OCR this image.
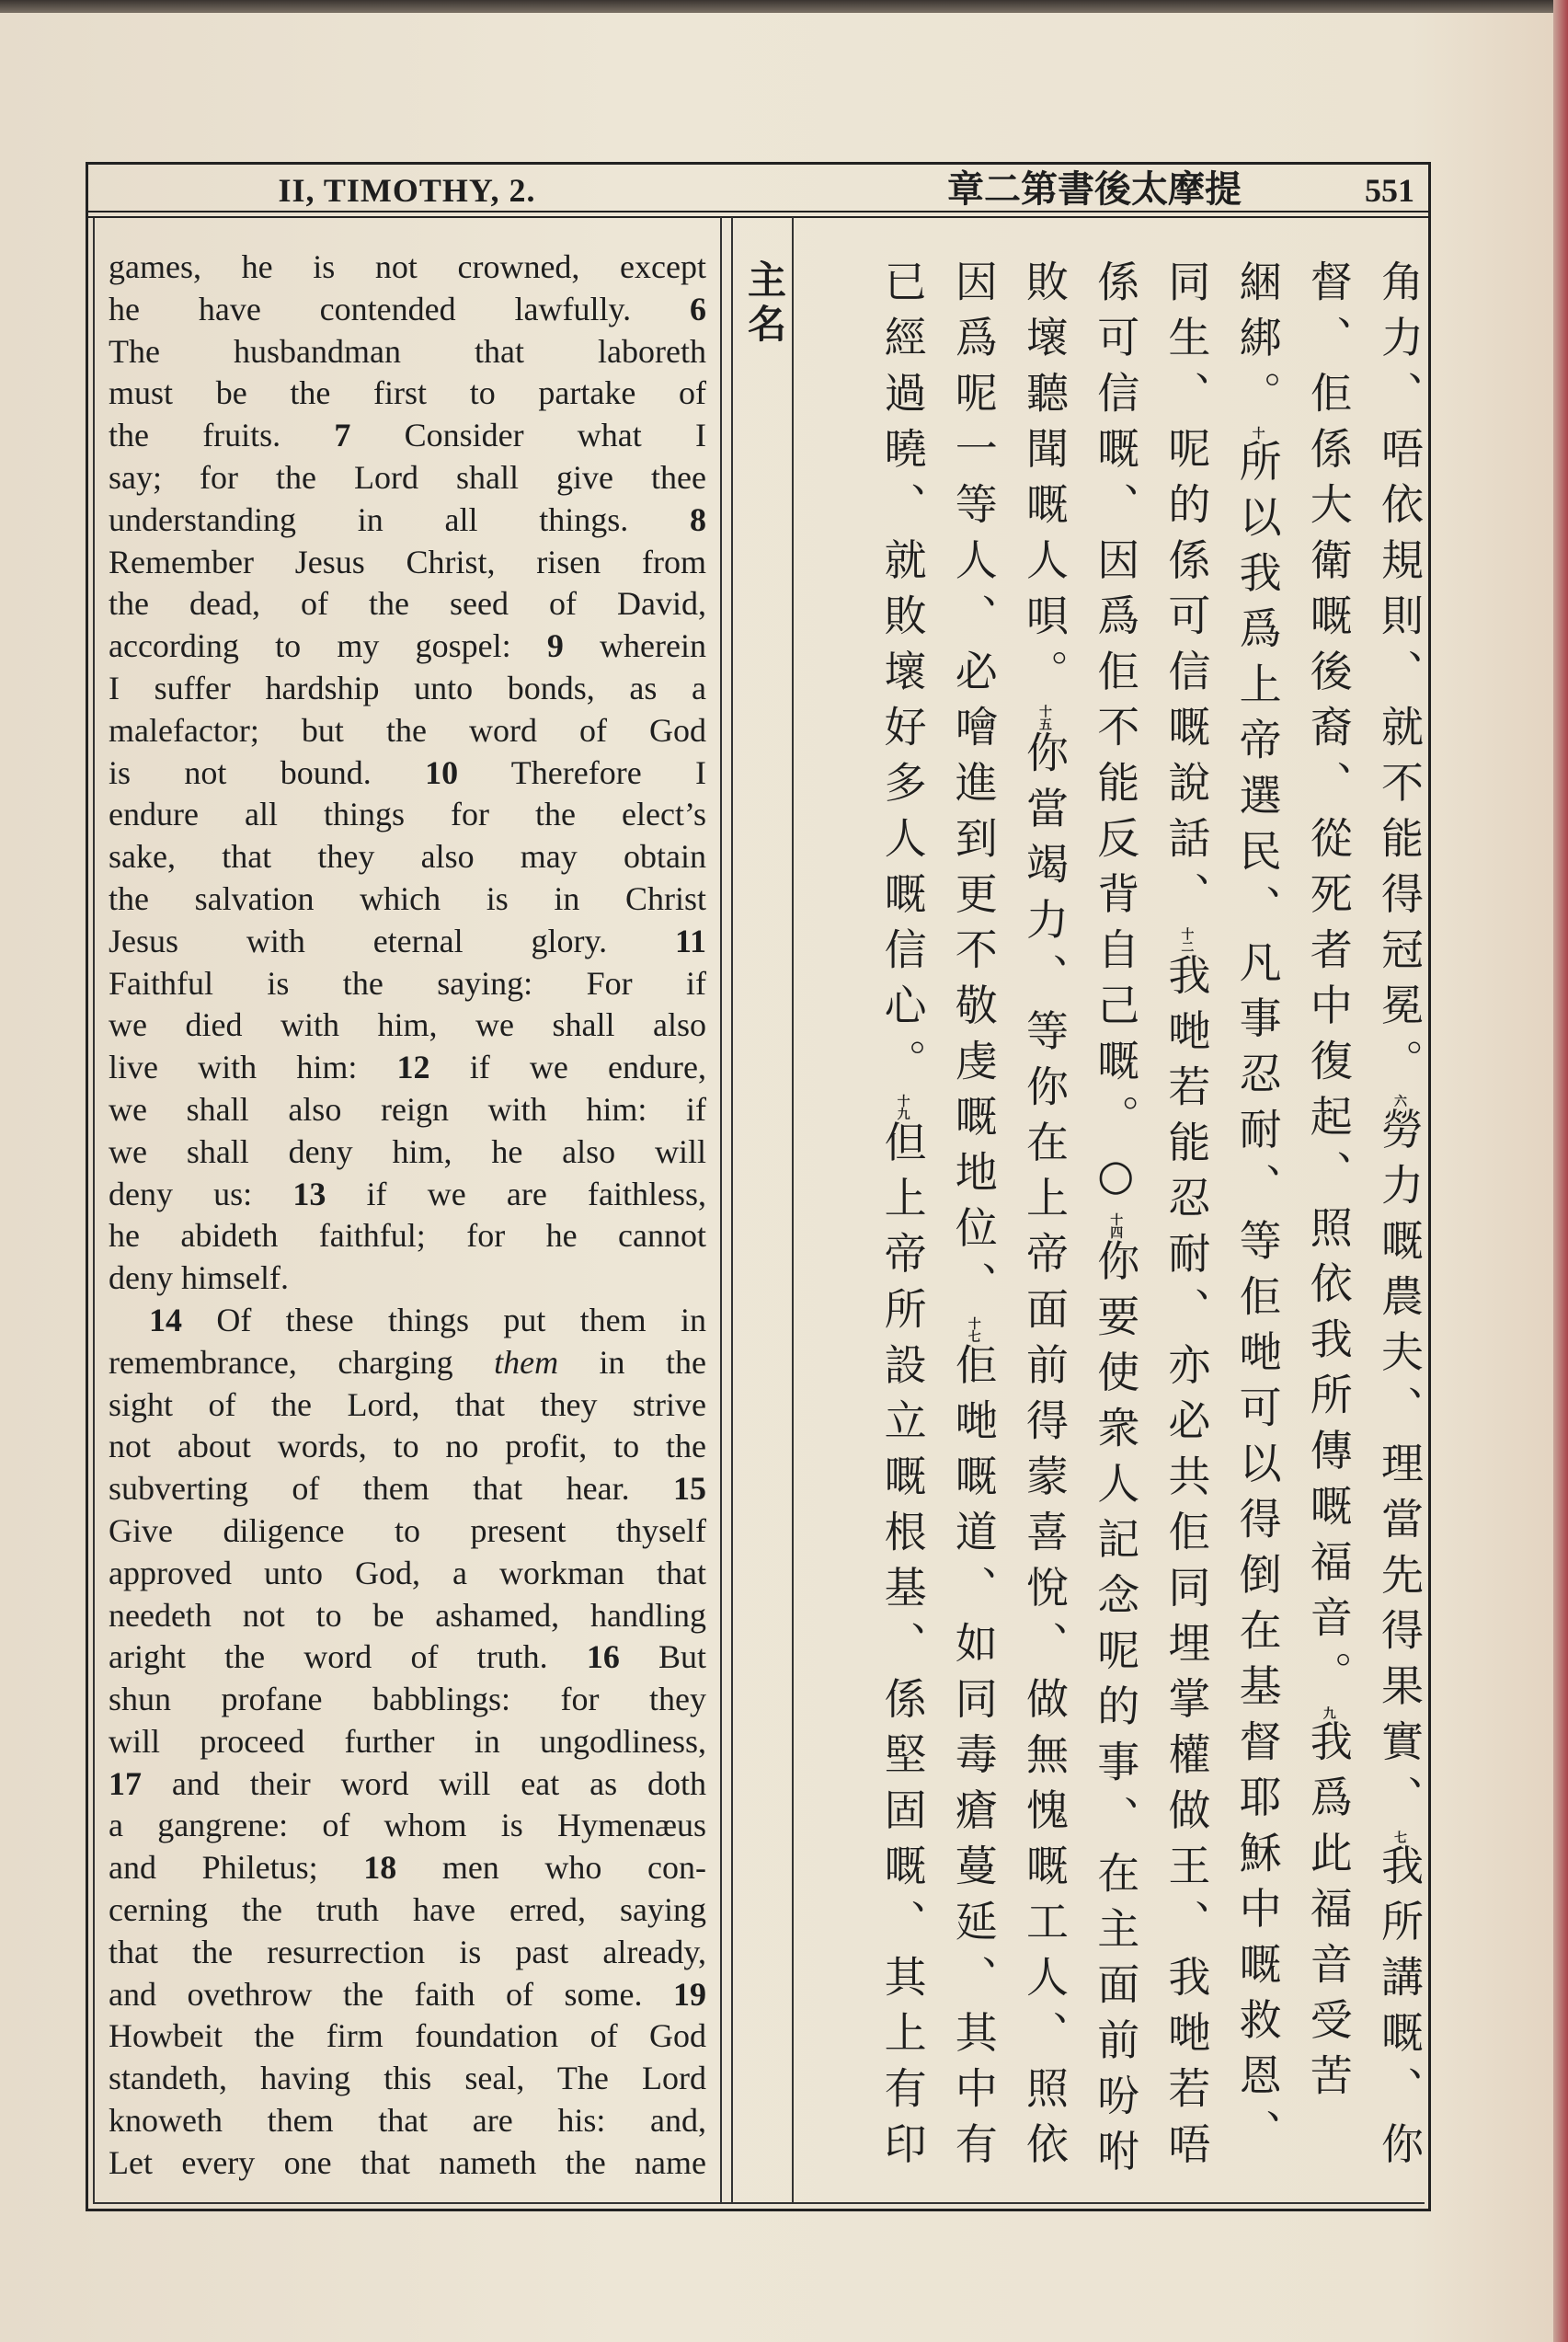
II, TIMOTHY, 2.	章二第書後太摩提	551
games, he is not crowned, except
he have contended lawfully. 6
The husbandman that laboreth
must be the first to partake of
the fruits. 7 Consider what I
say; for the Lord shall give thee
understanding in all things. 8
Remember Jesus Christ, risen from
the dead, of the seed of David,
according to my gospel: 9 wherein
I suffer hardship unto bonds, as a
malefactor; but the word of God
is not bound. 10 Therefore I
endure all things for the elect’s
sake, that they also may obtain
the salvation which is in Christ
Jesus with eternal glory. 11
Faithful is the saying: For if
we died with him, we shall also
live with him: 12 if we endure,
we shall also reign with him: if
we shall deny him, he also will
deny us: 13 if we are faithless,
he abideth faithful; for he cannot
deny himself.
14 Of these things put them in
remembrance, charging them in the
sight of the Lord, that they strive
not about words, to no profit, to the
subverting of them that hear. 15
Give diligence to present thyself
approved unto God, a workman that
needeth not to be ashamed, handling
aright the word of truth. 16 But
shun profane babblings: for they
will proceed further in ungodliness,
17 and their word will eat as doth
a gangrene: of whom is Hymenæus
and Philetus; 18 men who con-
cerning the truth have erred, saying
that the resurrection is past already,
and ovethrow the faith of some. 19
Howbeit the firm foundation of God
standeth, having this seal, The Lord
knoweth them that are his: and,
Let every one that nameth the name
主名	角力、唔依規則、就不能得冠冕。六勞力嘅農夫、理當先得果實、七我所講嘅、你
督、佢係大衛嘅後裔、從死者中復起、照依我所傳嘅福音。九我爲此福音受苦
綑綁。十所以我爲上帝選民、凡事忍耐、等佢哋可以得倒在基督耶穌中嘅救恩、
同生、呢的係可信嘅說話、十二我哋若能忍耐、亦必共佢同埋掌權做王、我哋若唔
係可信嘅、因爲佢不能反背自己嘅。○十四你要使衆人記念呢的事、在主面前吩咐
敗壞聽聞嘅人唄。十五你當竭力、等你在上帝面前得蒙喜悅、做無愧嘅工人、照依
因爲呢一等人、必噲進到更不敬虔嘅地位、十七佢哋嘅道、如同毒瘡蔓延、其中有
已經過曉、就敗壞好多人嘅信心。十九但上帝所設立嘅根基、係堅固嘅、其上有印
